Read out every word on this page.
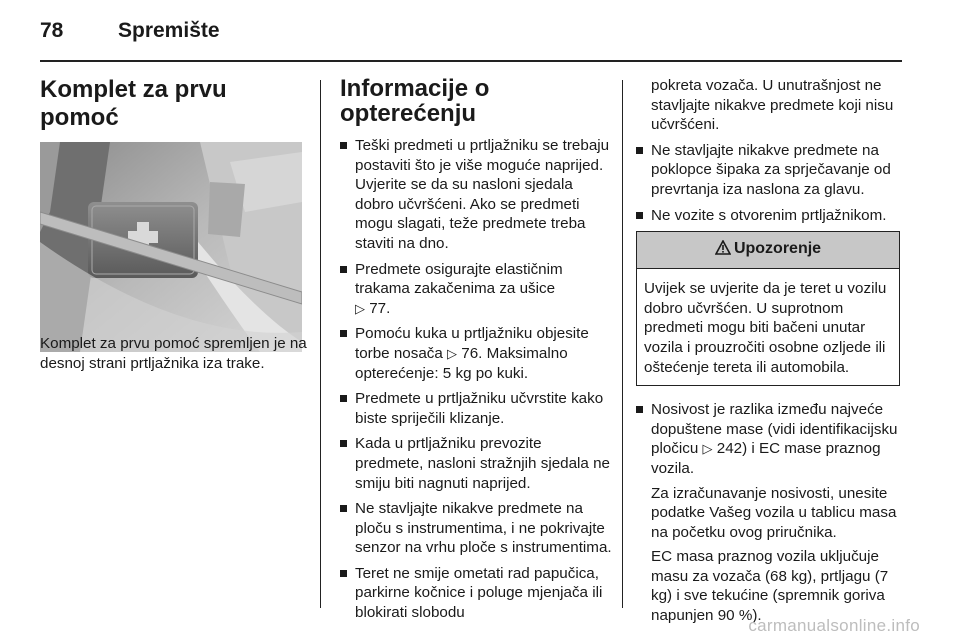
78	Spremište
Komplet za prvu pomoć

Komplet za prvu pomoć spremljen je na desnoj strani prtljažnika iza trake.

Informacije o
opterećenju
Teški predmeti u prtljažniku se trebaju postaviti što je više moguće naprijed. Uvjerite se da su nasloni sjedala dobro učvršćeni. Ako se predmeti mogu slagati, teže predmete treba staviti na dno.
Predmete osigurajte elastičnim trakama zakačenima za ušice
▷ 77.
Pomoću kuka u prtljažniku objesite torbe nosača ▷ 76. Maksimalno opterećenje: 5 kg po kuki.
Predmete u prtljažniku učvrstite kako biste spriječili klizanje.
Kada u prtljažniku prevozite predmete, nasloni stražnjih sjedala ne smiju biti nagnuti naprijed.
Ne stavljajte nikakve predmete na ploču s instrumentima, i ne pokrivajte senzor na vrhu ploče s instrumentima.
Teret ne smije ometati rad papučica, parkirne kočnice i poluge mjenjača ili blokirati slobodu
pokreta vozača. U unutrašnjost ne stavljajte nikakve predmete koji nisu učvršćeni.
Ne stavljajte nikakve predmete na poklopce šipaka za sprječavanje od prevrtanja iza naslona za glavu.
Ne vozite s otvorenim prtljažnikom.
Upozorenje
Uvijek se uvjerite da je teret u vozilu dobro učvršćen. U suprotnom predmeti mogu biti bačeni unutar vozila i prouzročiti osobne ozljede ili oštećenje tereta ili automobila.

Nosivost je razlika između najveće dopuštene mase (vidi identifikacijsku pločicu ▷ 242) i EC mase praznog vozila.

Za izračunavanje nosivosti, unesite podatke Vašeg vozila u tablicu masa na početku ovog priručnika.

EC masa praznog vozila uključuje masu za vozača (68 kg), prtljagu (7 kg) i sve tekućine (spremnik goriva napunjen 90 %).

carmanualsonline.info
